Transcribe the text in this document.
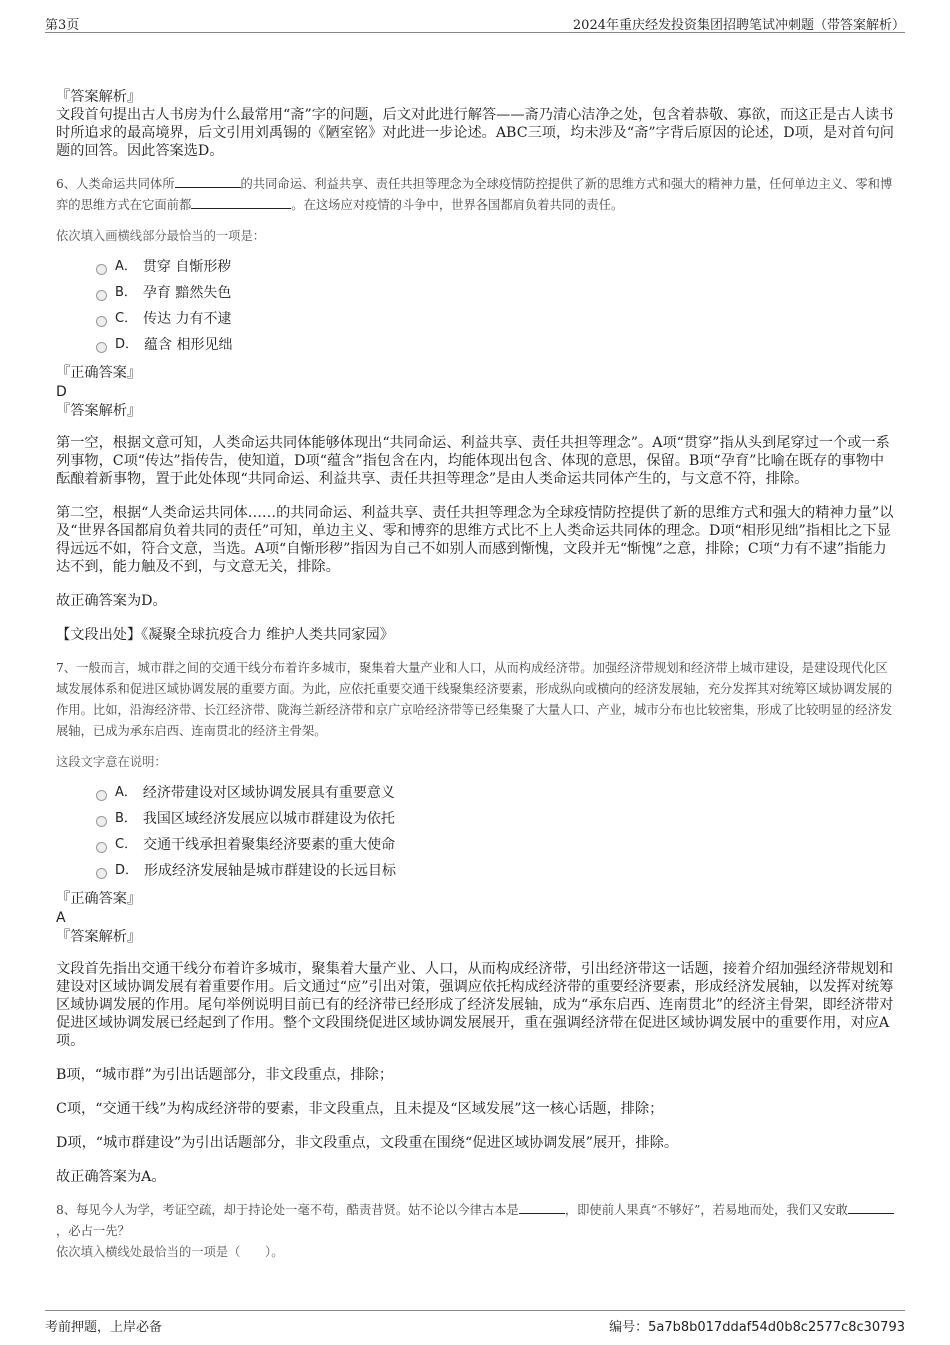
第3页	2024年重庆经发投资集团招聘笔试冲刺题（带答案解析）

『答案解析』

文段首句提出古人书房为什么最常用“斋”字的问题，后文对此进行解答——斋乃清心洁净之处，包含着恭敬、寡欲，而这正是古人读书时所追求的最高境界，后文引用刘禹锡的《陋室铭》对此进一步论述。ABC三项，均未涉及“斋”字背后原因的论述，D项，是对首句问题的回答。因此答案选D。

6、人类命运共同体所	的共同命运、利益共享、责任共担等理念为全球疫情防控提供了新的思维方式和强大的精神力量，任何单边主义、零和博弈的思维方式在它面前都	。在这场应对疫情的斗争中，世界各国都肩负着共同的责任。

依次填入画横线部分最恰当的一项是：

A． 贯穿 自惭形秽

B． 孕育 黯然失色

C． 传达 力有不逮

D． 蕴含 相形见绌

『正确答案』

D

『答案解析』

第一空，根据文意可知，人类命运共同体能够体现出“共同命运、利益共享、责任共担等理念”。A项“贯穿”指从头到尾穿过一个或一系列事物，C项“传达”指传告，使知道，D项“蕴含”指包含在内，均能体现出包含、体现的意思，保留。B项“孕育”比喻在既存的事物中酝酿着新事物，置于此处体现“共同命运、利益共享、责任共担等理念”是由人类命运共同体产生的，与文意不符，排除。

第二空，根据“人类命运共同体……的共同命运、利益共享、责任共担等理念为全球疫情防控提供了新的思维方式和强大的精神力量”以及“世界各国都肩负着共同的责任”可知，单边主义、零和博弈的思维方式比不上人类命运共同体的理念。D项“相形见绌”指相比之下显得远远不如，符合文意，当选。A项“自惭形秽”指因为自己不如别人而感到惭愧，文段并无“惭愧”之意，排除；C项“力有不逮”指能力达不到，能力触及不到，与文意无关，排除。

故正确答案为D。

【文段出处】《凝聚全球抗疫合力 维护人类共同家园》

7、一般而言，城市群之间的交通干线分布着许多城市，聚集着大量产业和人口，从而构成经济带。加强经济带规划和经济带上城市建设，是建设现代化区域发展体系和促进区域协调发展的重要方面。为此，应依托重要交通干线聚集经济要素，形成纵向或横向的经济发展轴，充分发挥其对统筹区域协调发展的作用。比如，沿海经济带、长江经济带、陇海兰新经济带和京广京哈经济带等已经集聚了大量人口、产业，城市分布也比较密集，形成了比较明显的经济发展轴，已成为承东启西、连南贯北的经济主骨架。

这段文字意在说明：

A． 经济带建设对区域协调发展具有重要意义

B． 我国区域经济发展应以城市群建设为依托

C． 交通干线承担着聚集经济要素的重大使命

D． 形成经济发展轴是城市群建设的长远目标

『正确答案』

A

『答案解析』

文段首先指出交通干线分布着许多城市，聚集着大量产业、人口，从而构成经济带，引出经济带这一话题，接着介绍加强经济带规划和建设对区域协调发展有着重要作用。后文通过“应”引出对策，强调应依托构成经济带的重要经济要素，形成经济发展轴，以发挥对统筹区域协调发展的作用。尾句举例说明目前已有的经济带已经形成了经济发展轴，成为“承东启西、连南贯北”的经济主骨架，即经济带对促进区域协调发展已经起到了作用。整个文段围绕促进区域协调发展展开，重在强调经济带在促进区域协调发展中的重要作用，对应A项。

B项，“城市群”为引出话题部分，非文段重点，排除；

C项，“交通干线”为构成经济带的要素，非文段重点，且未提及“区域发展”这一核心话题，排除；

D项，“城市群建设”为引出话题部分，非文段重点，文段重在围绕“促进区域协调发展”展开，排除。

故正确答案为A。

8、每见今人为学，考证空疏，却于持论处一毫不苟，酷责昔贤。姑不论以今律古本是	，即使前人果真“不够好”，若易地而处，我们又安敢，必占一先？

依次填入横线处最恰当的一项是（　　）。

考前押题，上岸必备	编号：5a7b8b017ddaf54d0b8c2577c8c30793
